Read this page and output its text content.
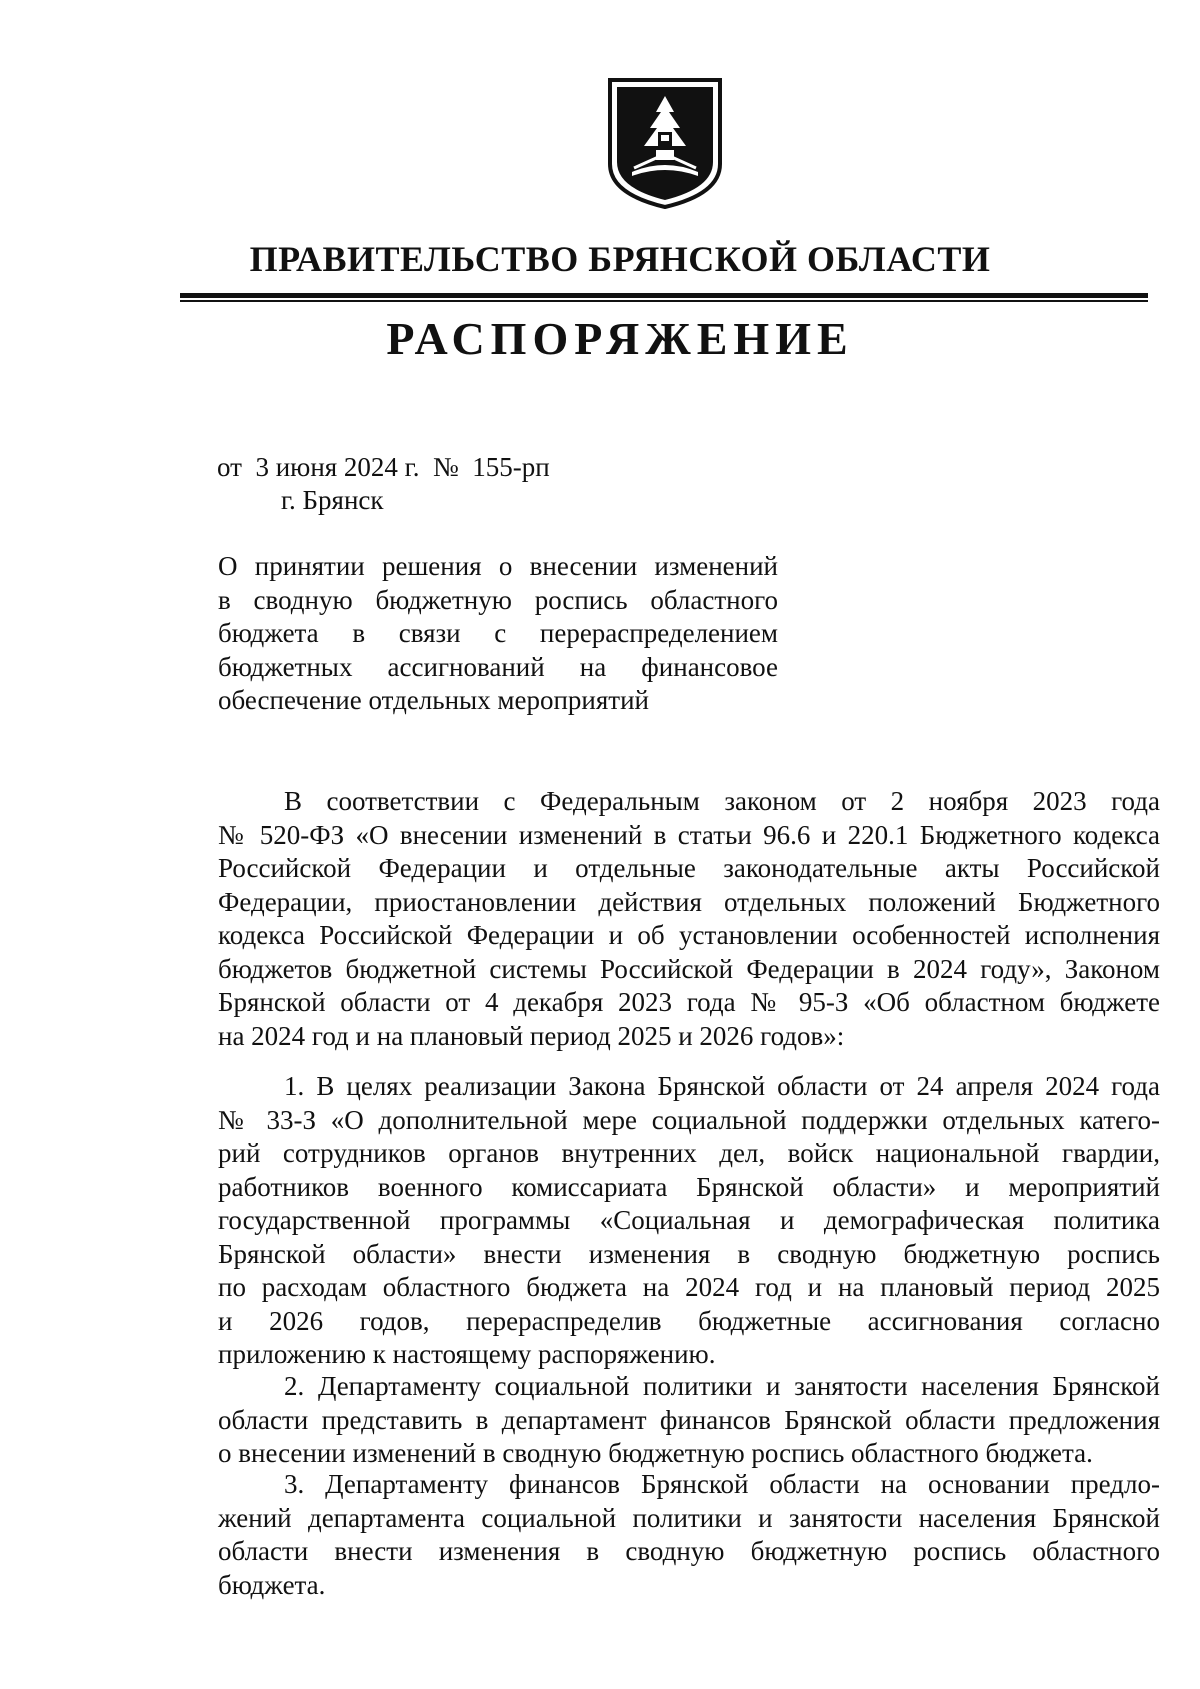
ПРАВИТЕЛЬСТВО БРЯНСКОЙ ОБЛАСТИ
РАСПОРЯЖЕНИЕ
от  3 июня 2024 г.  №  155-рп
г. Брянск
О принятии решения о внесении изменений
в сводную бюджетную роспись областного
бюджета в связи с перераспределением
бюджетных ассигнований на финансовое
обеспечение отдельных мероприятий
В соответствии с Федеральным законом от 2 ноября 2023 года
№ 520-ФЗ «О внесении изменений в статьи 96.6 и 220.1 Бюджетного кодекса
Российской Федерации и отдельные законодательные акты Российской
Федерации, приостановлении действия отдельных положений Бюджетного
кодекса Российской Федерации и об установлении особенностей исполнения
бюджетов бюджетной системы Российской Федерации в 2024 году», Законом
Брянской области от 4 декабря 2023 года № 95-З «Об областном бюджете
на 2024 год и на плановый период 2025 и 2026 годов»:
1. В целях реализации Закона Брянской области от 24 апреля 2024 года
№ 33-З «О дополнительной мере социальной поддержки отдельных катего-
рий сотрудников органов внутренних дел, войск национальной гвардии,
работников военного комиссариата Брянской области» и мероприятий
государственной программы «Социальная и демографическая политика
Брянской области» внести изменения в сводную бюджетную роспись
по расходам областного бюджета на 2024 год и на плановый период 2025
и 2026 годов, перераспределив бюджетные ассигнования согласно
приложению к настоящему распоряжению.
2. Департаменту социальной политики и занятости населения Брянской
области представить в департамент финансов Брянской области предложения
о внесении изменений в сводную бюджетную роспись областного бюджета.
3. Департаменту финансов Брянской области на основании предло-
жений департамента социальной политики и занятости населения Брянской
области внести изменения в сводную бюджетную роспись областного
бюджета.
